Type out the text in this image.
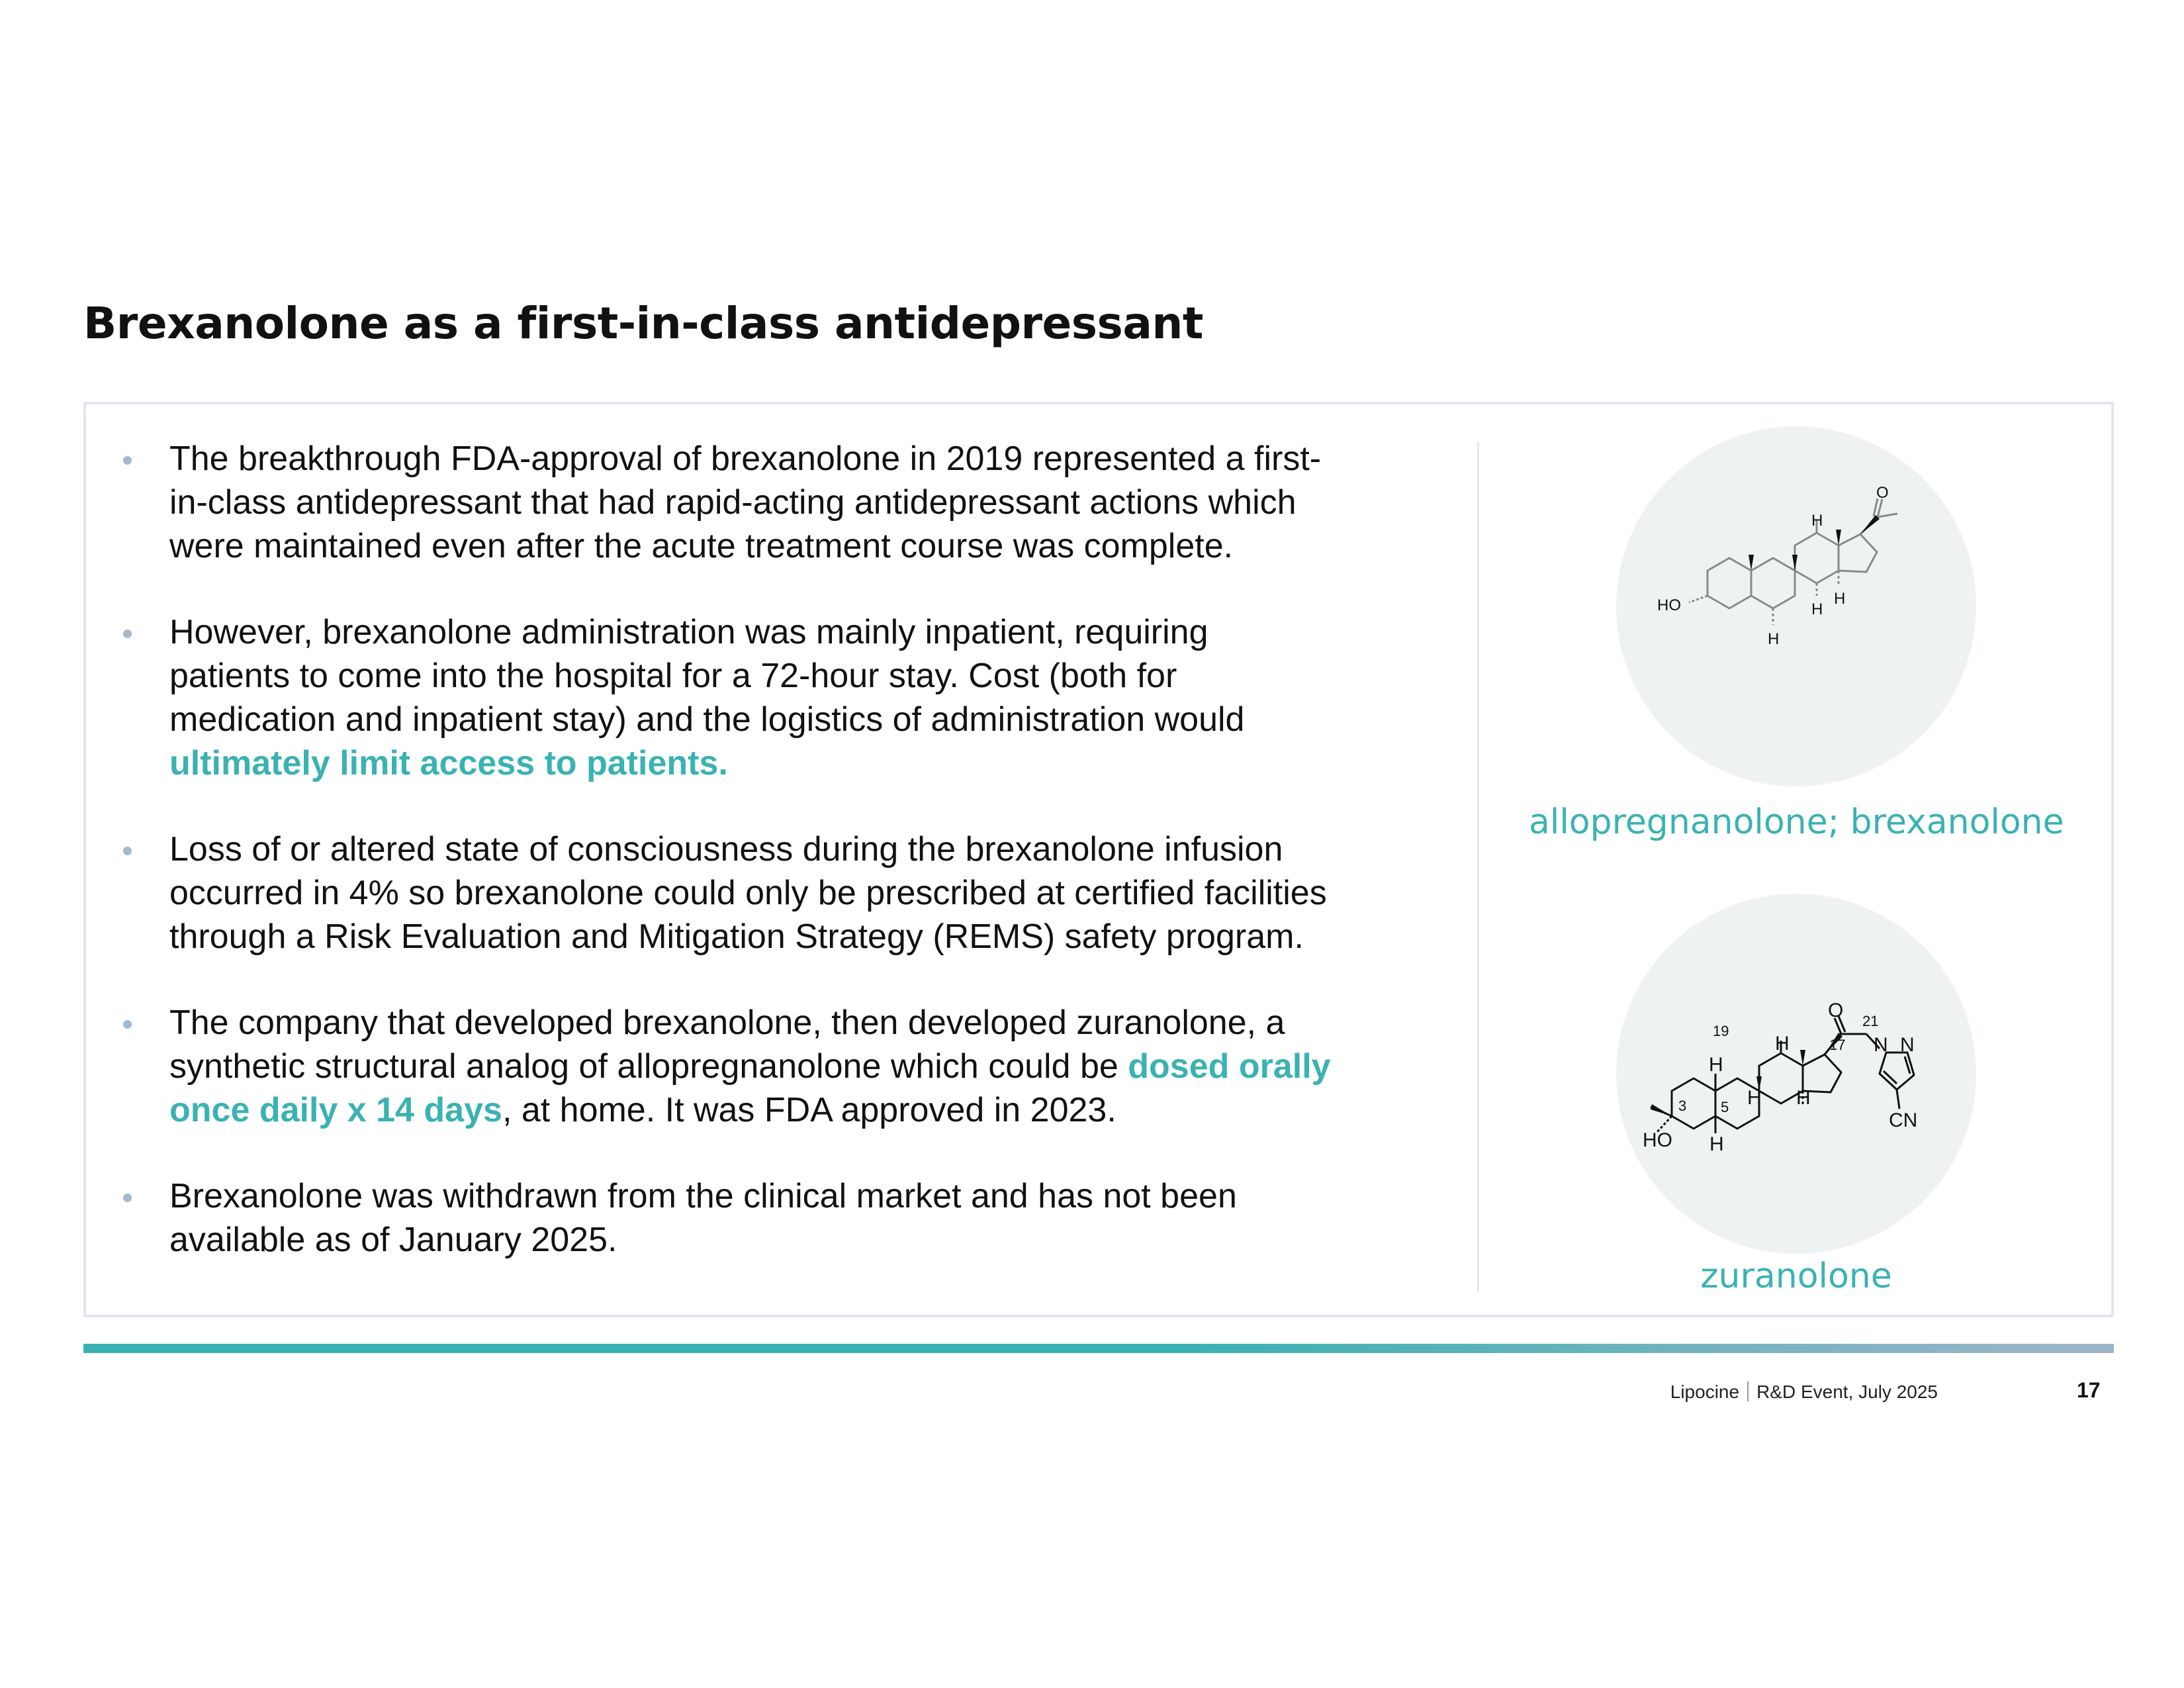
Brexanolone as a first-in-class antidepressant
The breakthrough FDA-approval of brexanolone in 2019 represented a first-
in-class antidepressant that had rapid-acting antidepressant actions which
were maintained even after the acute treatment course was complete.
However, brexanolone administration was mainly inpatient, requiring
patients to come into the hospital for a 72-hour stay. Cost (both for
medication and inpatient stay) and the logistics of administration would
ultimately limit access to patients.
Loss of or altered state of consciousness during the brexanolone infusion
occurred in 4% so brexanolone could only be prescribed at certified facilities
through a Risk Evaluation and Mitigation Strategy (REMS) safety program.
The company that developed brexanolone, then developed zuranolone, a
synthetic structural analog of allopregnanolone which could be dosed orally
once daily x 14 days, at home. It was FDA approved in 2023.
Brexanolone was withdrawn from the clinical market and has not been
available as of January 2025.
HO
O
H
H
H
H
allopregnanolone; brexanolone
HO
O
H
H
H
H
H
N N
CN
19
21
17
3 5
zuranolone
Lipocine R&D Event, July 2025	17
